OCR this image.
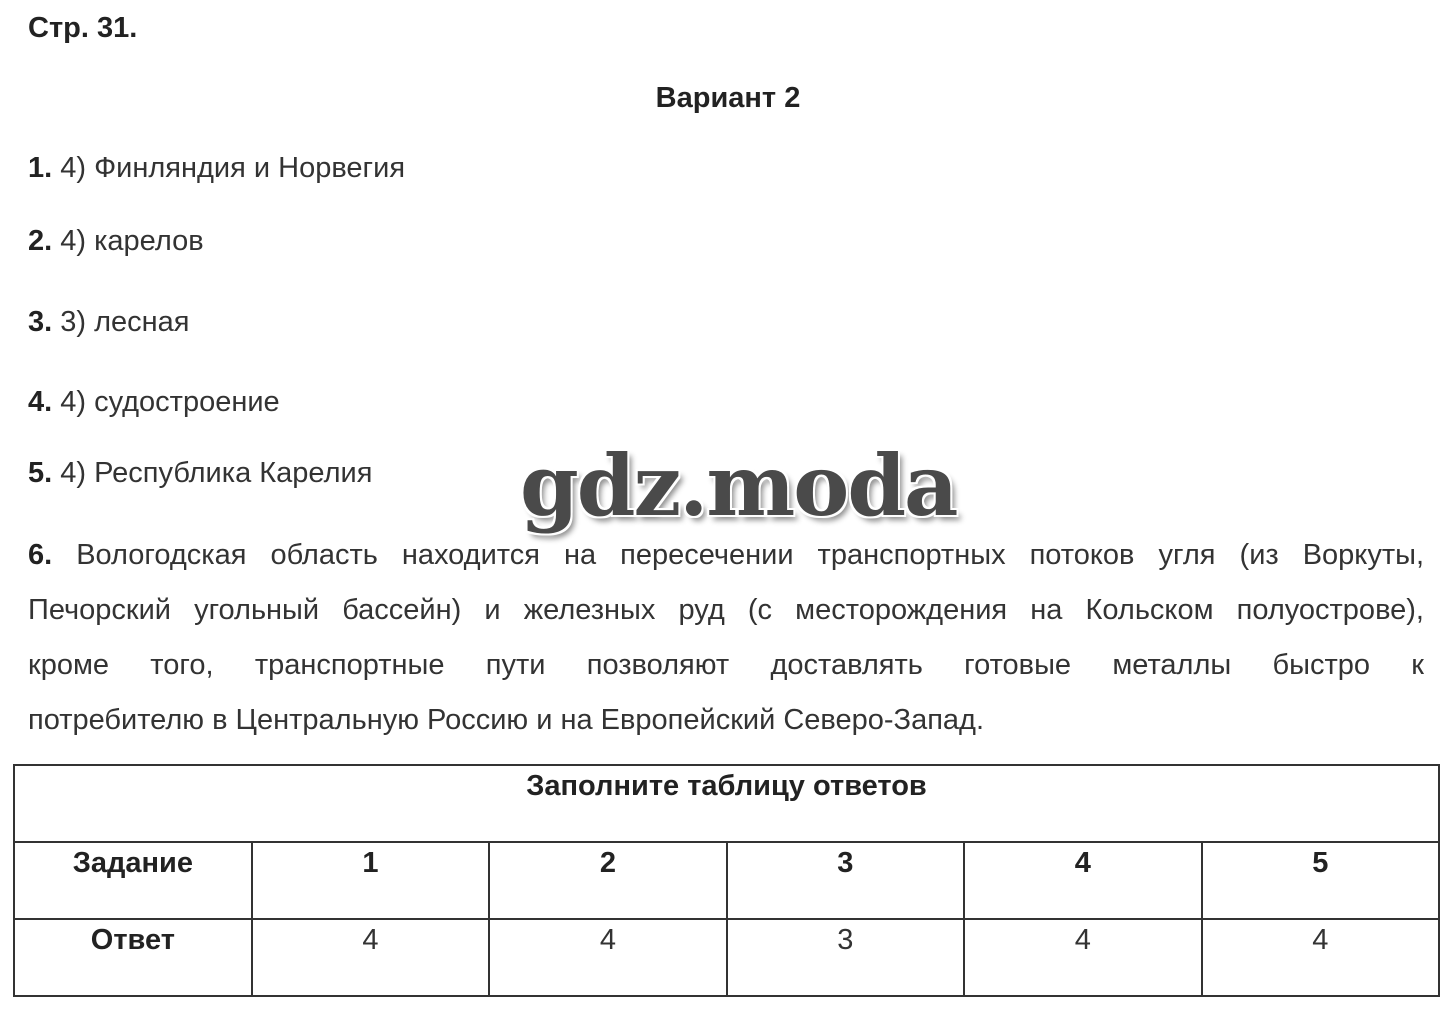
Стр. 31.
Вариант 2
1. 4) Финляндия и Норвегия
2. 4) карелов
3. 3) лесная
4. 4) судостроение
5. 4) Республика Карелия
6. Вологодская область находится на пересечении транспортных потоков угля (из Воркуты,
Печорский угольный бассейн) и железных руд (с месторождения на Кольском полуострове),
кроме того, транспортные пути позволяют доставлять готовые металлы быстро к
потребителю в Центральную Россию и на Европейский Северо-Запад.
gdz.moda
Заполните таблицу ответов					
Задание	1	2	3	4	5
Ответ	4	4	3	4	4
